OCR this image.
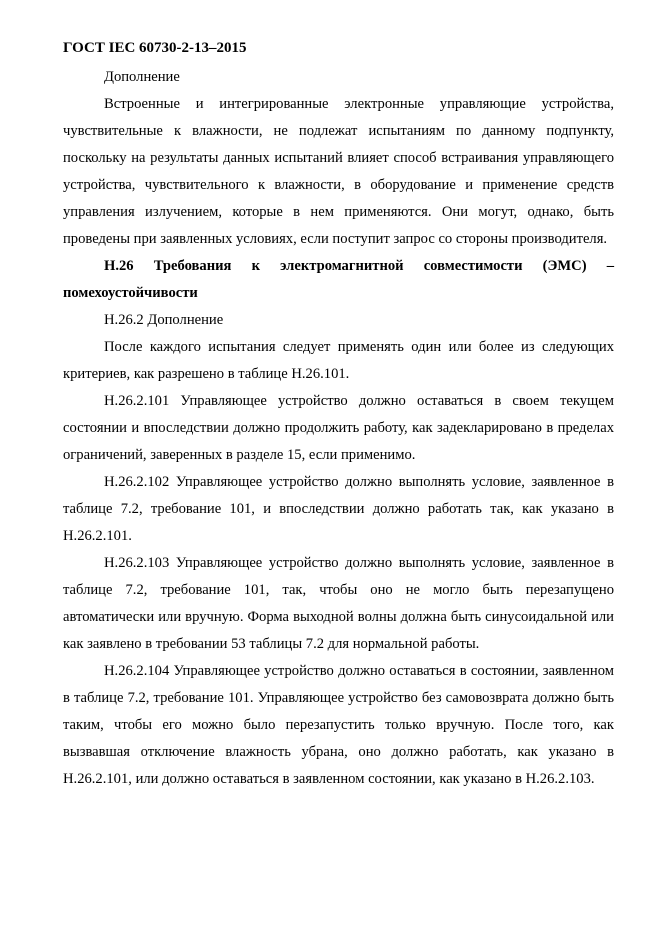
ГОСТ IEC 60730-2-13–2015

Дополнение

Встроенные и интегрированные электронные управляющие устройства, чувствительные к влажности, не подлежат испытаниям по данному подпункту, поскольку на результаты данных испытаний влияет способ встраивания управляющего устройства, чувствительного к влажности, в оборудование и применение средств управления излучением, которые в нем применяются. Они могут, однако, быть проведены при заявленных условиях, если поступит запрос со стороны производителя.

Н.26 Требования к электромагнитной совместимости (ЭМС) – помехоустойчивости

Н.26.2 Дополнение

После каждого испытания следует применять один или более из следующих критериев, как разрешено в таблице Н.26.101.

Н.26.2.101 Управляющее устройство должно оставаться в своем текущем состоянии и впоследствии должно продолжить работу, как задекларировано в пределах ограничений, заверенных в разделе 15, если применимо.

Н.26.2.102 Управляющее устройство должно выполнять условие, заявленное в таблице 7.2, требование 101, и впоследствии должно работать так, как указано в Н.26.2.101.

Н.26.2.103 Управляющее устройство должно выполнять условие, заявленное в таблице 7.2, требование 101, так, чтобы оно не могло быть перезапущено автоматически или вручную. Форма выходной волны должна быть синусоидальной или как заявлено в требовании 53 таблицы 7.2 для нормальной работы.

Н.26.2.104 Управляющее устройство должно оставаться в состоянии, заявленном в таблице 7.2, требование 101. Управляющее устройство без самовозврата должно быть таким, чтобы его можно было перезапустить только вручную. После того, как вызвавшая отключение влажность убрана, оно должно работать, как указано в Н.26.2.101, или должно оставаться в заявленном состоянии, как указано в Н.26.2.103.
